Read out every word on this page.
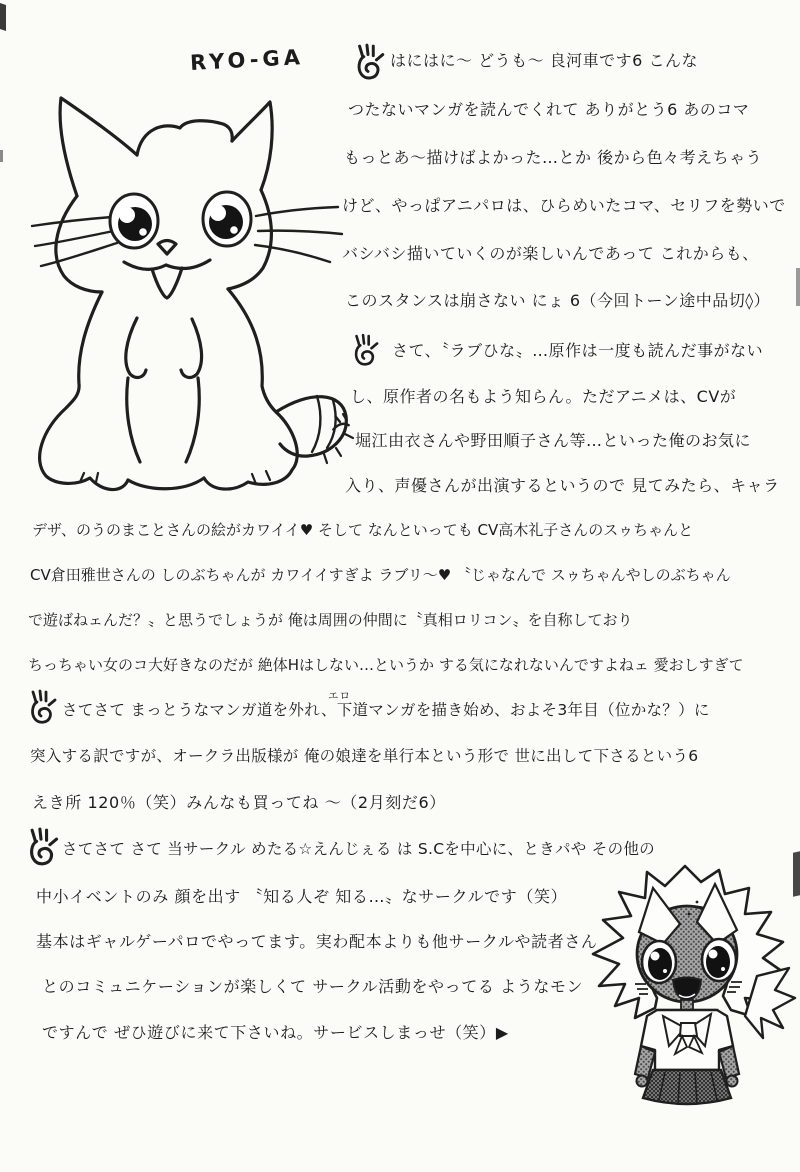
RYO-GA	はにはに〜 どうも〜 良河車です6 こんな
つたないマンガを読んでくれて ありがとう6 あのコマ
もっとあ〜描けばよかった…とか 後から色々考えちゃう
けど、やっぱアニパロは、ひらめいたコマ、セリフを勢いで
バシバシ描いていくのが楽しいんであって これからも、
このスタンスは崩さない にょ 6（今回トーン途中品切◊）
さて、〝ラブひな〟…原作は一度も読んだ事がない
し、原作者の名もよう知らん。ただアニメは、CVが
堀江由衣さんや野田順子さん等…といった俺のお気に
入り、声優さんが出演するというので 見てみたら、キャラ
デザ、のうのまことさんの絵がカワイイ♥ そして なんといっても CV高木礼子さんのスゥちゃんと
CV倉田雅世さんの しのぶちゃんが カワイイすぎよ ラブリ〜♥ 〝じゃなんで スゥちゃんやしのぶちゃん
で遊ばねェんだ？〟と思うでしょうが 俺は周囲の仲間に〝真相ロリコン〟を自称しており
ちっちゃい女のコ大好きなのだが 絶体Hはしない…というか する気になれないんですよねェ 愛おしすぎて
さてさて まっとうなマンガ道を外れ、下道マンガを描き始め、およそ3年目（位かな？）に
突入する訳ですが、オークラ出版様が 俺の娘達を単行本という形で 世に出して下さるという6
えき所 120％（笑）みんなも買ってね 〜（2月刻だ6）
さてさて さて 当サークル めたる☆えんじぇる は S.Cを中心に、ときパや その他の
中小イベントのみ 顔を出す 〝知る人ぞ 知る…〟なサークルです（笑）
基本はギャルゲーパロでやってます。実わ配本よりも他サークルや読者さん
とのコミュニケーションが楽しくて サークル活動をやってる ようなモン
ですんで ぜひ遊びに来て下さいね。サービスしまっせ（笑）▶
エロ
